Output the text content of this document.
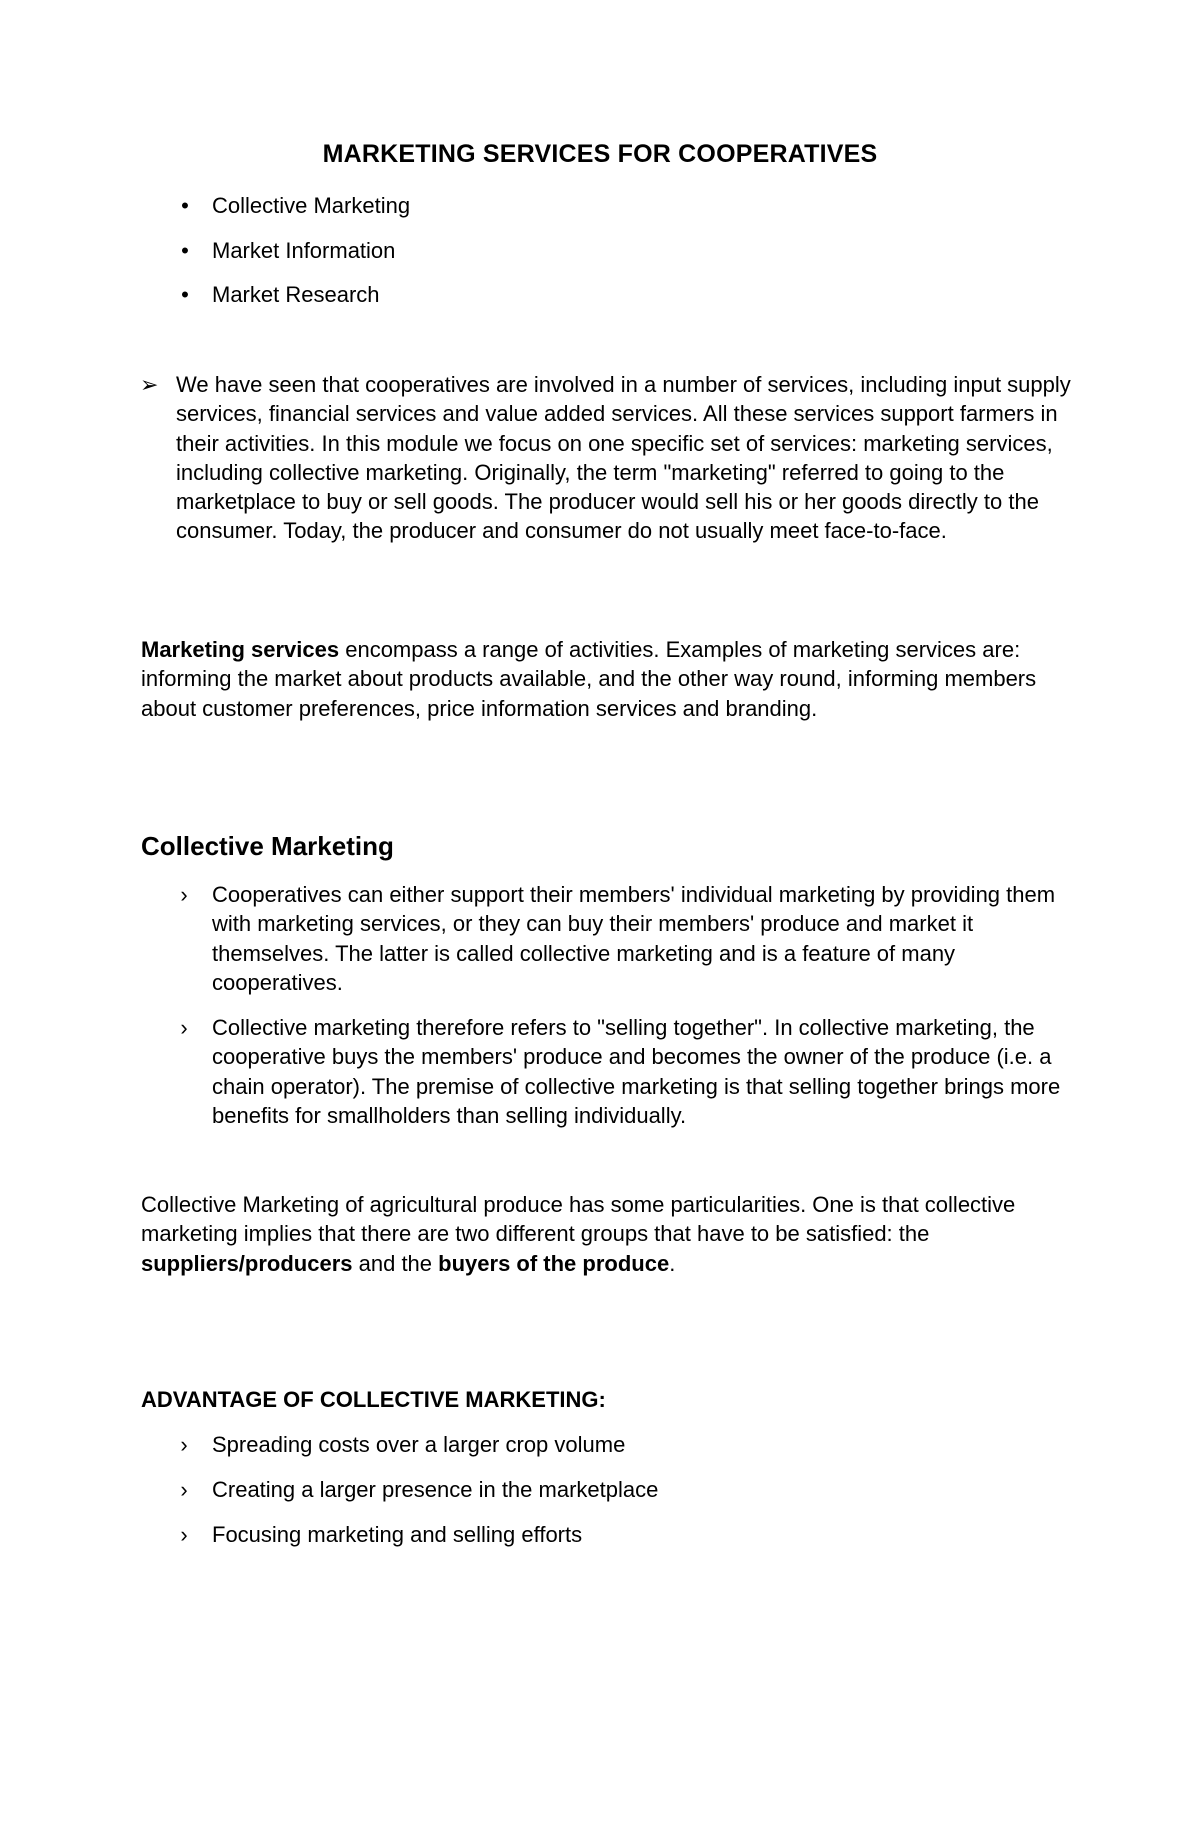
MARKETING SERVICES FOR COOPERATIVES
• Collective Marketing
• Market Information
• Market Research
➢ We have seen that cooperatives are involved in a number of services, including input supply services, financial services and value added services. All these services support farmers in their activities. In this module we focus on one specific set of services: marketing services, including collective marketing. Originally, the term "marketing" referred to going to the marketplace to buy or sell goods. The producer would sell his or her goods directly to the consumer. Today, the producer and consumer do not usually meet face-to-face.

Marketing services encompass a range of activities. Examples of marketing services are: informing the market about products available, and the other way round, informing members about customer preferences, price information services and branding.

Collective Marketing
› Cooperatives can either support their members' individual marketing by providing them with marketing services, or they can buy their members' produce and market it themselves. The latter is called collective marketing and is a feature of many cooperatives.
› Collective marketing therefore refers to "selling together". In collective marketing, the cooperative buys the members' produce and becomes the owner of the produce (i.e. a chain operator). The premise of collective marketing is that selling together brings more benefits for smallholders than selling individually.

Collective Marketing of agricultural produce has some particularities. One is that collective marketing implies that there are two different groups that have to be satisfied: the suppliers/producers and the buyers of the produce.

ADVANTAGE OF COLLECTIVE MARKETING:
› Spreading costs over a larger crop volume
› Creating a larger presence in the marketplace
› Focusing marketing and selling efforts
